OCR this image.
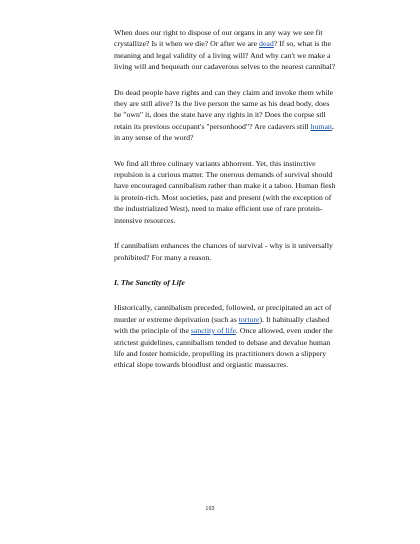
When does our right to dispose of our organs in any way we see fit crystallize? Is it when we die? Or after we are dead? If so, what is the meaning and legal validity of a living will? And why can't we make a living will and bequeath our cadaverous selves to the nearest cannibal?

Do dead people have rights and can they claim and invoke them while they are still alive? Is the live person the same as his dead body, does he "own" it, does the state have any rights in it? Does the corpse stll retain its previous occupant's "personhood"? Are cadavers still human, in any sense of the word?

We find all three culinary variants abhorrent. Yet, this instinctive repulsion is a curious matter. The onerous demands of survival should have encouraged cannibalism rather than make it a taboo. Human flesh is protein-rich. Most societies, past and present (with the exception of the industrialized West), need to make efficient use of rare protein-intensive resources.

If cannibalism enhances the chances of survival - why is it universally prohibited? For many a reason.

I. The Sanctity of Life

Historically, cannibalism preceded, followed, or precipitated an act of murder or extreme deprivation (such as torture). It habitually clashed with the principle of the sanctity of life. Once allowed, even under the strictest guidelines, cannibalism tended to debase and devalue human life and foster homicide, propelling its practitioners down a slippery ethical slope towards bloodlust and orgiastic massacres.

193
